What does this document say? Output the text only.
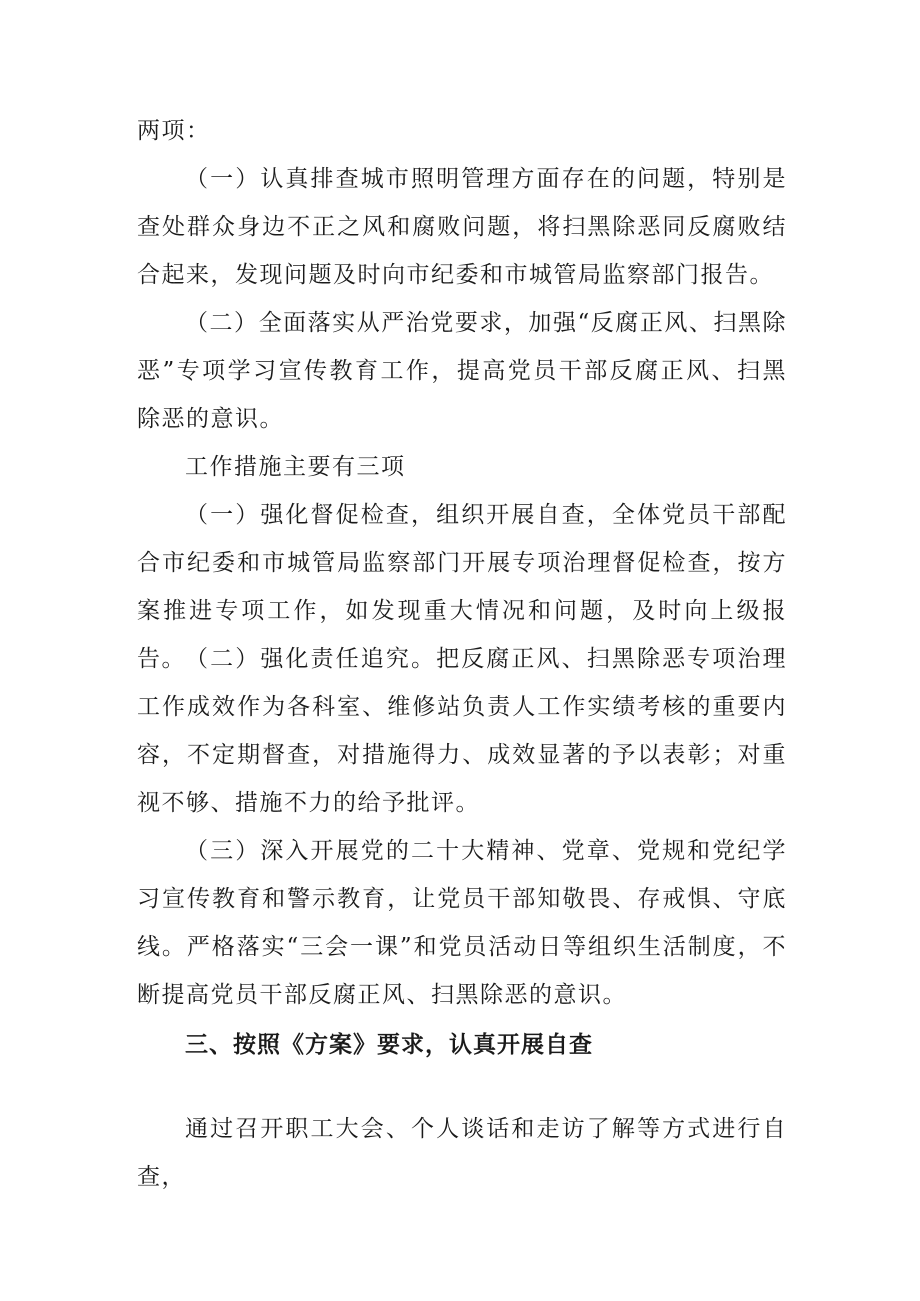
两项：

（一）认真排查城市照明管理方面存在的问题，特别是查处群众身边不正之风和腐败问题，将扫黑除恶同反腐败结合起来，发现问题及时向市纪委和市城管局监察部门报告。

（二）全面落实从严治党要求，加强“反腐正风、扫黑除恶”专项学习宣传教育工作，提高党员干部反腐正风、扫黑除恶的意识。

工作措施主要有三项

（一）强化督促检查，组织开展自查，全体党员干部配合市纪委和市城管局监察部门开展专项治理督促检查，按方案推进专项工作，如发现重大情况和问题，及时向上级报告。 （二）强化责任追究。把反腐正风、扫黑除恶专项治理工作成效作为各科室、维修站负责人工作实绩考核的重要内容，不定期督查，对措施得力、成效显著的予以表彰；对重视不够、措施不力的给予批评。

（三）深入开展党的二十大精神、党章、党规和党纪学习宣传教育和警示教育，让党员干部知敬畏、存戒惧、守底线。严格落实“三会一课”和党员活动日等组织生活制度，不断提高党员干部反腐正风、扫黑除恶的意识。

三、按照《方案》要求，认真开展自查

通过召开职工大会、个人谈话和走访了解等方式进行自查，
